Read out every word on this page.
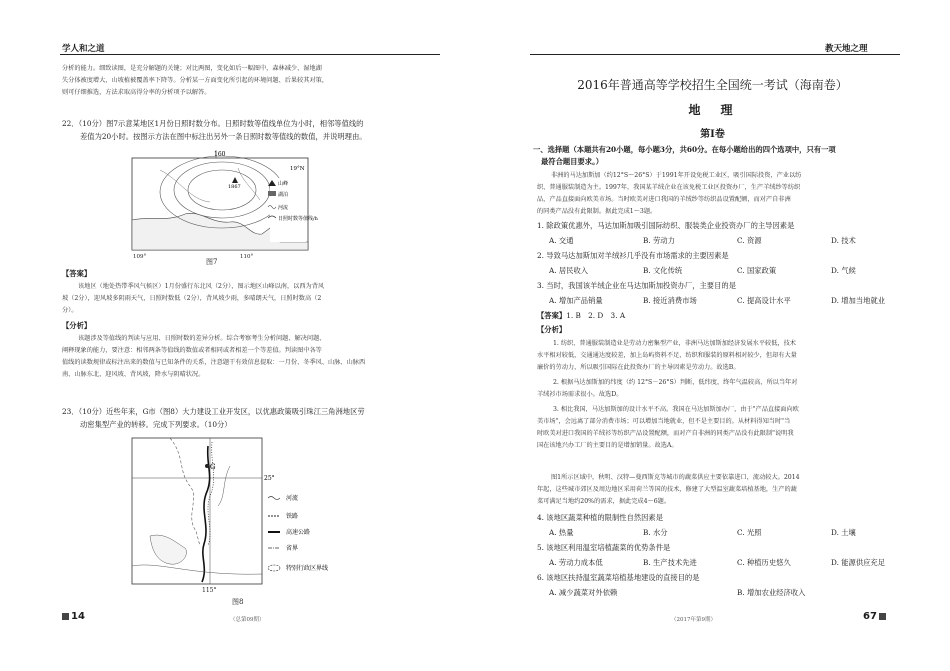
学人和之道
分析的能力。细致读图，是充分解题的关键；对比两图，变化如后一幅图中，森林减少、湿地湖
失分体被度增大，山坡植被覆盖率下降等。分析某一方面变化所引起的环境问题、后果较其对策，
则可仔细推选，方法求取高得分率的分析项予以解答。
22．（10分）图7示意某地区1月份日照时数分布。日照时数等值线单位为小时，相邻等值线的
差值为20小时。按图示方法在图中标注出另外一条日照时数等值线的数值，并说明理由。
160
19°N
1867	山峰
湖泊
河流
日照时数等值线/h
109°	110°
图7
【答案】
该地区（地处热带季风气候区）1月份盛行东北风（2分），图示地区山峰以南，以西为背风
坡（2分），迎风坡多阴雨天气，日照时数低（2分），背风坡少雨，多晴朗天气，日照时数高（2
分）。
【分析】
该题涉及等值线的判读与应用、日照时数的差异分析。综合考察考生分析问题、解决问题、
阐释现象的能力，要注意：相邻两条等值线的数值或者相同或者相差一个等差值。判读图中各等
值线的读数规律或标注出来的数值与已知条件的关系，注意题干有效信息提取：一月份、冬季风、山脉、山脉西
南、山脉东北，迎风坡、背风坡，降水与阴晴状况。
23．（10分）近些年来，G市（图8）大力建设工业开发区，以优惠政策吸引珠江三角洲地区劳
动密集型产业的转移。完成下列要求。（10分）
G
25°
河流
铁路
高速公路
省界
特别行政区界线
115°
图8
14	（总第09期）
教天地之理
2016年普通高等学校招生全国统一考试（海南卷）
地　理
第Ⅰ卷
一、选择题（本题共有20小题，每小题3分，共60分。在每小题给出的四个选项中，只有一项
最符合题目要求。）
非洲的马达加斯加（约12°S～26°S）于1991年开设免税工业区，吸引国际投资，产业以纺
织、普通服装制造为主。1997年，我国某羊绒企业在该免税工业区投资办厂，生产羊绒纱等纺织
品，产品直接面向欧美市场。当时欧美对进口我国的羊绒纱等纺织品设置配额，而对产自非洲
的同类产品没有此限制。据此完成1～3题。
1. 除政策优惠外，马达加斯加吸引国际纺织、服装类企业投资办厂的主导因素是
A. 交通	B. 劳动力	C. 资源	D. 技术
2. 导致马达加斯加对羊绒衫几乎没有市场需求的主要因素是
A. 居民收入	B. 文化传统	C. 国家政策	D. 气候
3. 当时，我国该羊绒企业在马达加斯加投资办厂，主要目的是
A. 增加产品销量	B. 接近消费市场	C. 提高设计水平	D. 增加当地就业
【答案】1. B　2. D　3. A
【分析】
1. 纺织、普通服装制造业是劳动力密集型产业，非洲马达加斯加经济发展水平较低，技术
水平相对较低，交通通达度较差，加上岛屿资料不足，纺织和服装的原料相对较少，但却有大量
廉价的劳动力，所以吸引国际在此投资办厂的主导因素是劳动力。故选B。
2. 根据马达加斯加的纬度（约 12°S－26°S）判断，低纬度，终年气温较高，所以当年对
羊绒衫市场需求很小。故选D。
3. 相比我国，马达加斯加的设计水平不高。我国在马达加斯加办厂，由于"产品直接面向欧
美市场"，会远离了部分消费市场；可以增加当地就业，但不是主要目的。从材料得知当时"当
时欧美对进口我国的羊绒衫等纺织产品设置配额，而对产自非洲的同类产品没有此限制"说明我
国在该地兴办工厂的主要目的是增加销量。故选A。
图1所示区域中，秋明、汉特—曼西斯克等城市的蔬菜供应主要依靠进口，流动较大。2014
年起，这些城市郊区及周边地区采用荷兰等国的技术，修建了大型温室蔬菜培植基地，生产的蔬
菜可满足当地约20%的需求，据此完成4～6题。
4. 该地区蔬菜种植的限制性自然因素是
A. 热量	B. 水分	C. 光照	D. 土壤
5. 该地区利用温室培植蔬菜的优势条件是
A. 劳动力成本低	B. 生产技术先进	C. 种植历史悠久	D. 能源供应充足
6. 该地区扶持温室蔬菜培植基地建设的直接目的是
A. 减少蔬菜对外依赖	B. 增加农业经济收入
（2017年第9期）	67
